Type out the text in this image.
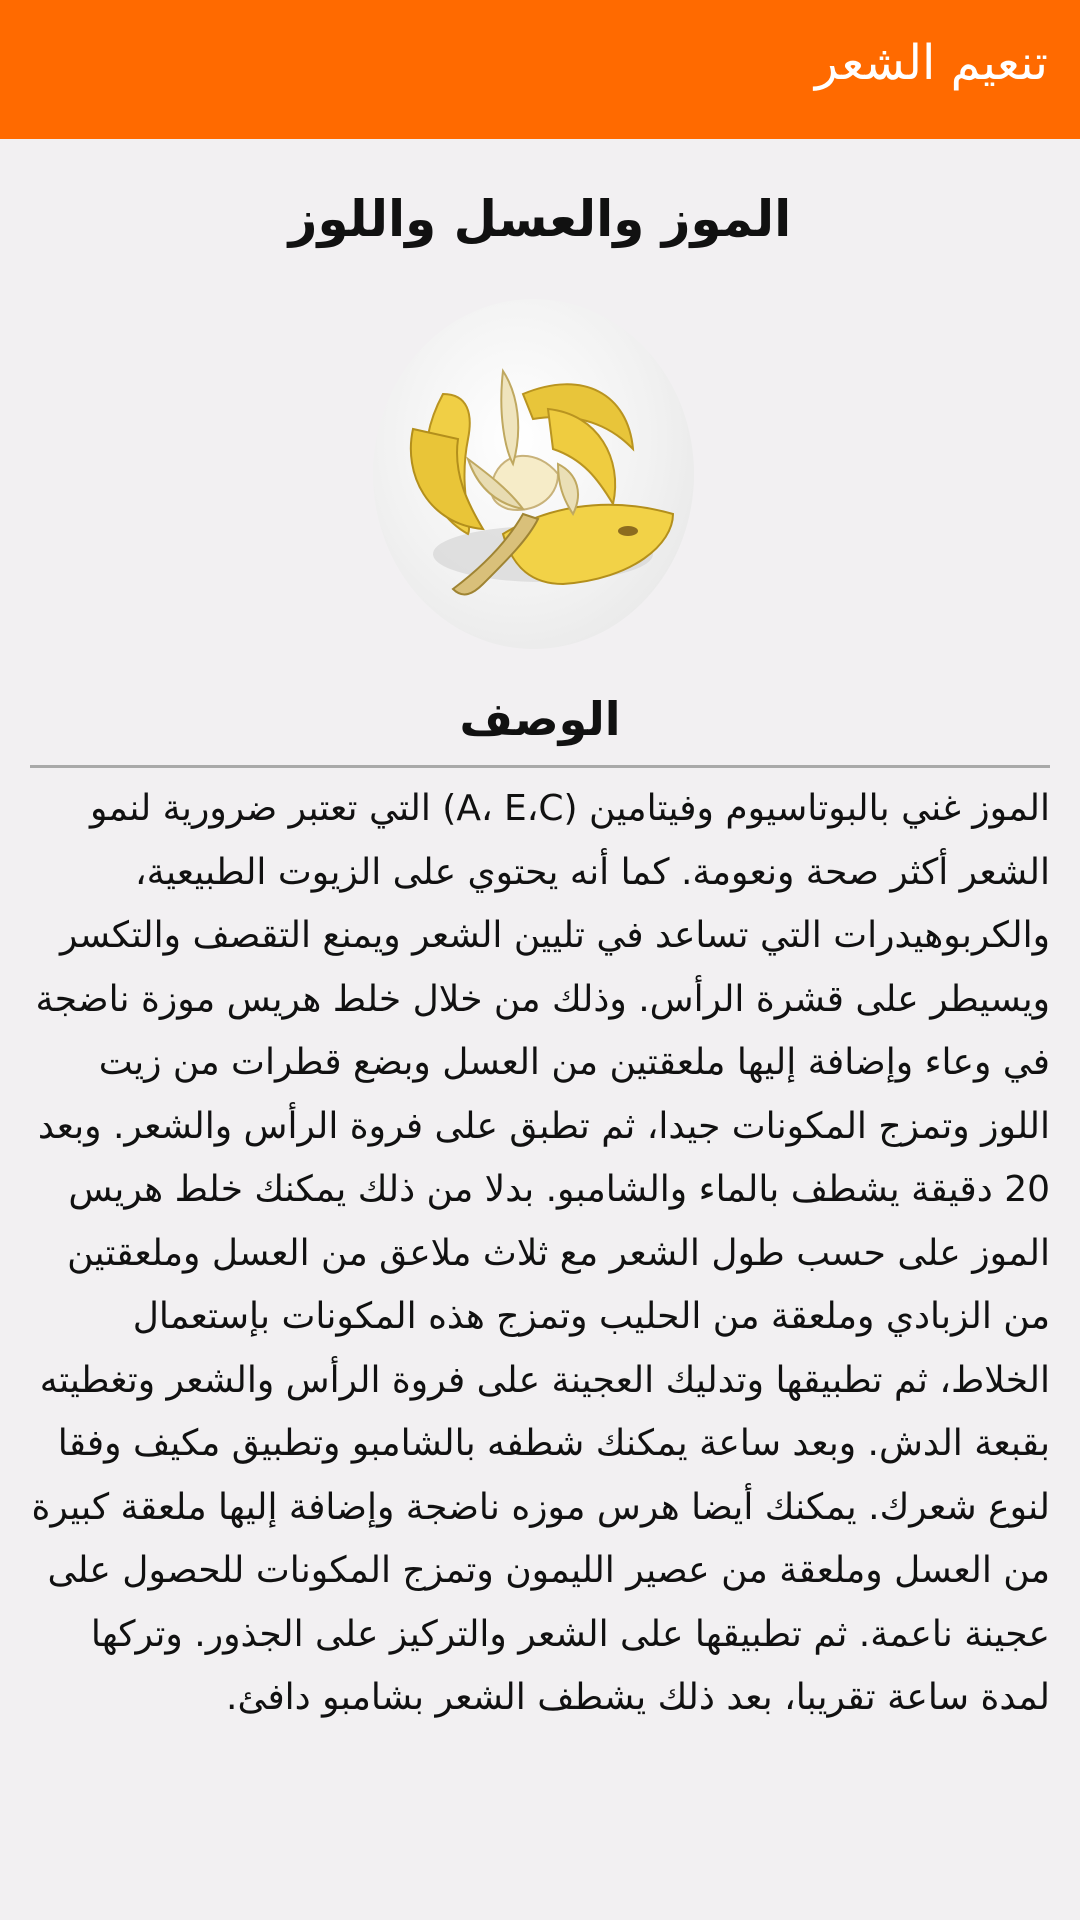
تنعيم الشعر
الموز والعسل واللوز
الوصف

الموز غني بالبوتاسيوم وفيتامين (A، E،C) التي تعتبر ضرورية لنمو الشعر أكثر صحة ونعومة. كما أنه يحتوي على الزيوت الطبيعية، والكربوهيدرات التي تساعد في تليين الشعر ويمنع التقصف والتكسر ويسيطر على قشرة الرأس. وذلك من خلال خلط هريس موزة ناضجة في وعاء وإضافة إليها ملعقتين من العسل وبضع قطرات من زيت اللوز وتمزج المكونات جيدا، ثم تطبق على فروة الرأس والشعر. وبعد 20 دقيقة يشطف بالماء والشامبو. بدلا من ذلك يمكنك خلط هريس الموز على حسب طول الشعر مع ثلاث ملاعق من العسل وملعقتين من الزبادي وملعقة من الحليب وتمزج هذه المكونات بإستعمال الخلاط، ثم تطبيقها وتدليك العجينة على فروة الرأس والشعر وتغطيته بقبعة الدش. وبعد ساعة يمكنك شطفه بالشامبو وتطبيق مكيف وفقا لنوع شعرك. يمكنك أيضا هرس موزه ناضجة وإضافة إليها ملعقة كبيرة من العسل وملعقة من عصير الليمون وتمزج المكونات للحصول على عجينة ناعمة. ثم تطبيقها على الشعر والتركيز على الجذور. وتركها لمدة ساعة تقريبا، بعد ذلك يشطف الشعر بشامبو دافئ.
